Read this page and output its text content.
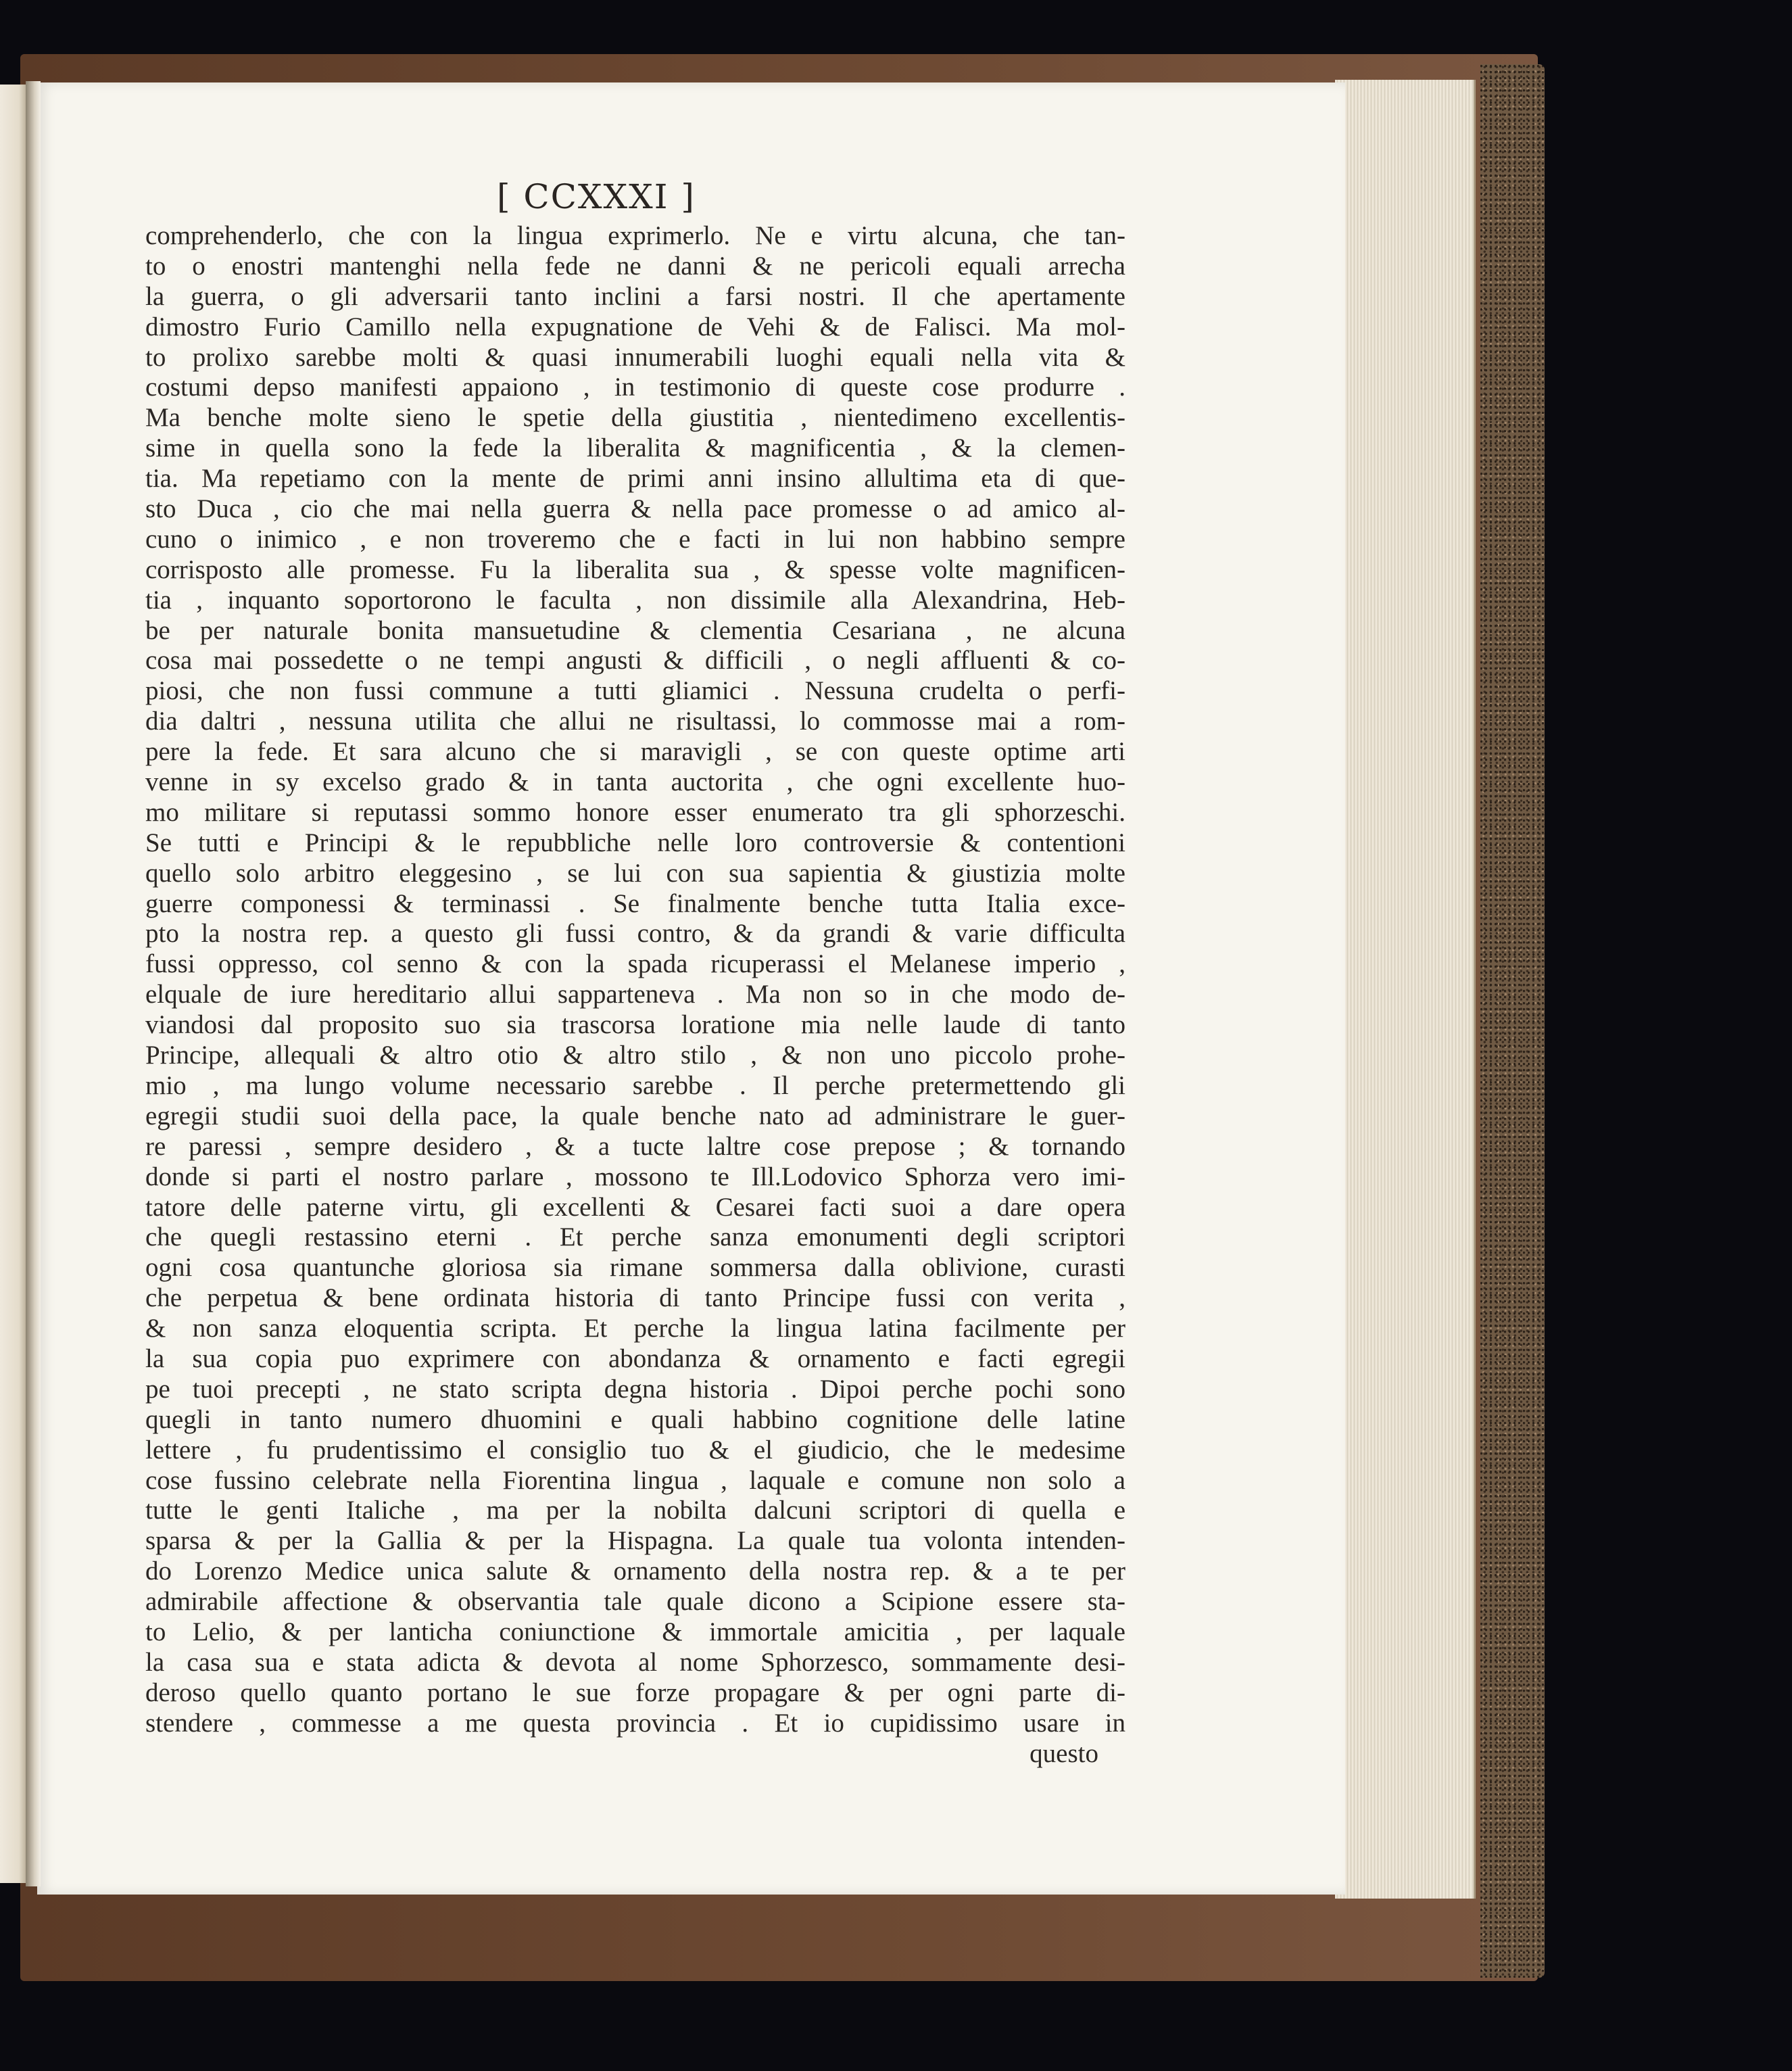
[ CCXXXI ]
comprehenderlo, che con la lingua exprimerlo. Ne e virtu alcuna, che tan-
to o enostri mantenghi nella fede ne danni & ne pericoli equali arrecha
la guerra, o gli adversarii tanto inclini a farsi nostri. Il che apertamente
dimostro Furio Camillo nella expugnatione de Vehi & de Falisci. Ma mol-
to prolixo sarebbe molti & quasi innumerabili luoghi equali nella vita &
costumi depso manifesti appaiono , in testimonio di queste cose produrre .
Ma benche molte sieno le spetie della giustitia , nientedimeno excellentis-
sime in quella sono la fede la liberalita & magnificentia , & la clemen-
tia. Ma repetiamo con la mente de primi anni insino allultima eta di que-
sto Duca , cio che mai nella guerra & nella pace promesse o ad amico al-
cuno o inimico , e non troveremo che e facti in lui non habbino sempre
corrisposto alle promesse. Fu la liberalita sua , & spesse volte magnificen-
tia , inquanto soportorono le faculta , non dissimile alla Alexandrina, Heb-
be per naturale bonita mansuetudine & clementia Cesariana , ne alcuna
cosa mai possedette o ne tempi angusti & difficili , o negli affluenti & co-
piosi, che non fussi commune a tutti gliamici . Nessuna crudelta o perfi-
dia daltri , nessuna utilita che allui ne risultassi, lo commosse mai a rom-
pere la fede. Et sara alcuno che si maravigli , se con queste optime arti
venne in sy excelso grado & in tanta auctorita , che ogni excellente huo-
mo militare si reputassi sommo honore esser enumerato tra gli sphorzeschi.
Se tutti e Principi & le repubbliche nelle loro controversie & contentioni
quello solo arbitro eleggesino , se lui con sua sapientia & giustizia molte
guerre componessi & terminassi . Se finalmente benche tutta Italia exce-
pto la nostra rep. a questo gli fussi contro, & da grandi & varie difficulta
fussi oppresso, col senno & con la spada ricuperassi el Melanese imperio ,
elquale de iure hereditario allui sapparteneva . Ma non so in che modo de-
viandosi dal proposito suo sia trascorsa loratione mia nelle laude di tanto
Principe, allequali & altro otio & altro stilo , & non uno piccolo prohe-
mio , ma lungo volume necessario sarebbe . Il perche pretermettendo gli
egregii studii suoi della pace, la quale benche nato ad administrare le guer-
re paressi , sempre desidero , & a tucte laltre cose prepose ; & tornando
donde si parti el nostro parlare , mossono te Ill.Lodovico Sphorza vero imi-
tatore delle paterne virtu, gli excellenti & Cesarei facti suoi a dare opera
che quegli restassino eterni . Et perche sanza emonumenti degli scriptori
ogni cosa quantunche gloriosa sia rimane sommersa dalla oblivione, curasti
che perpetua & bene ordinata historia di tanto Principe fussi con verita ,
& non sanza eloquentia scripta. Et perche la lingua latina facilmente per
la sua copia puo exprimere con abondanza & ornamento e facti egregii
pe tuoi precepti , ne stato scripta degna historia . Dipoi perche pochi sono
quegli in tanto numero dhuomini e quali habbino cognitione delle latine
lettere , fu prudentissimo el consiglio tuo & el giudicio, che le medesime
cose fussino celebrate nella Fiorentina lingua , laquale e comune non solo a
tutte le genti Italiche , ma per la nobilta dalcuni scriptori di quella e
sparsa & per la Gallia & per la Hispagna. La quale tua volonta intenden-
do Lorenzo Medice unica salute & ornamento della nostra rep. & a te per
admirabile affectione & observantia tale quale dicono a Scipione essere sta-
to Lelio, & per lanticha coniunctione & immortale amicitia , per laquale
la casa sua e stata adicta & devota al nome Sphorzesco, sommamente desi-
deroso quello quanto portano le sue forze propagare & per ogni parte di-
stendere , commesse a me questa provincia . Et io cupidissimo usare in
questo
